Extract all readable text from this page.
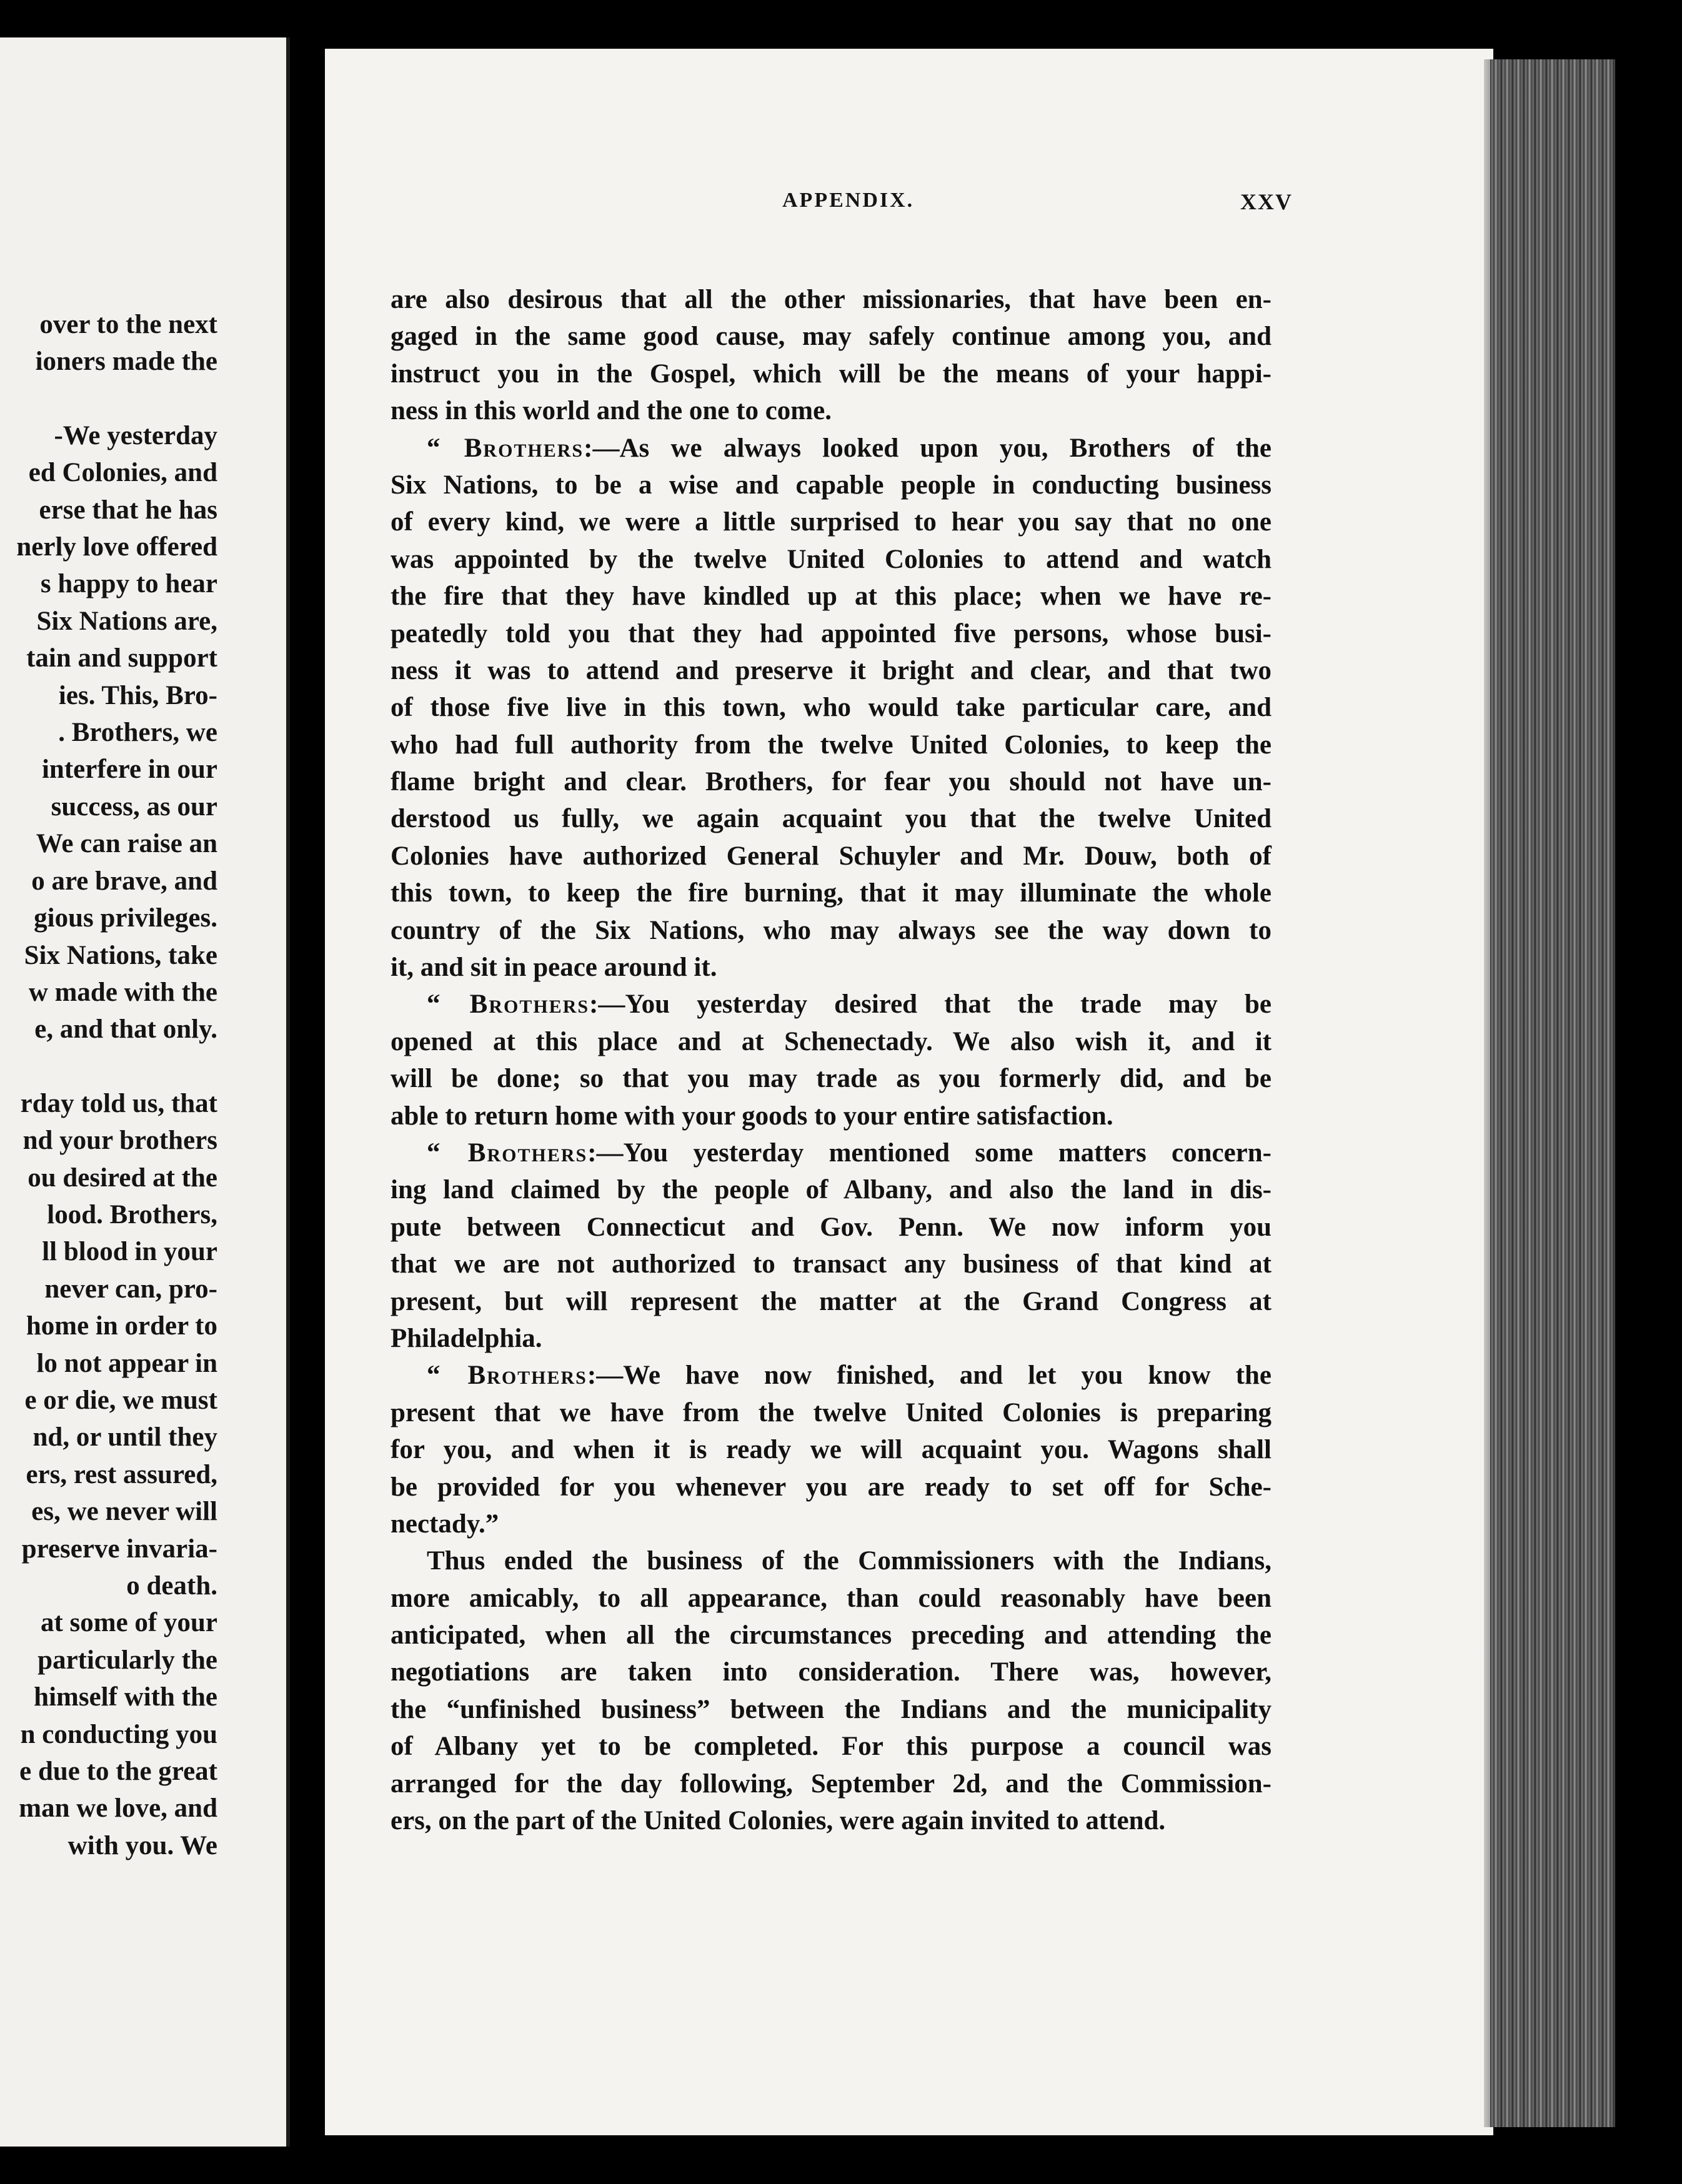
over to the next
ioners made the
-We yesterday
ed Colonies, and
erse that he has
nerly love offered
s happy to hear
Six Nations are,
tain and support
ies. This, Bro-
. Brothers, we
interfere in our
success, as our
We can raise an
o are brave, and
gious privileges.
Six Nations, take
w made with the
e, and that only.
rday told us, that
nd your brothers
ou desired at the
lood. Brothers,
ll blood in your
never can, pro-
home in order to
lo not appear in
e or die, we must
nd, or until they
ers, rest assured,
es, we never will
preserve invaria-
o death.
at some of your
particularly the
himself with the
n conducting you
e due to the great
man we love, and
with you. We
APPENDIX.	XXV
are also desirous that all the other missionaries, that have been en-
gaged in the same good cause, may safely continue among you, and
instruct you in the Gospel, which will be the means of your happi-
ness in this world and the one to come.
“ Brothers:—As we always looked upon you, Brothers of the
Six Nations, to be a wise and capable people in conducting business
of every kind, we were a little surprised to hear you say that no one
was appointed by the twelve United Colonies to attend and watch
the fire that they have kindled up at this place; when we have re-
peatedly told you that they had appointed five persons, whose busi-
ness it was to attend and preserve it bright and clear, and that two
of those five live in this town, who would take particular care, and
who had full authority from the twelve United Colonies, to keep the
flame bright and clear. Brothers, for fear you should not have un-
derstood us fully, we again acquaint you that the twelve United
Colonies have authorized General Schuyler and Mr. Douw, both of
this town, to keep the fire burning, that it may illuminate the whole
country of the Six Nations, who may always see the way down to
it, and sit in peace around it.
“ Brothers:—You yesterday desired that the trade may be
opened at this place and at Schenectady. We also wish it, and it
will be done; so that you may trade as you formerly did, and be
able to return home with your goods to your entire satisfaction.
“ Brothers:—You yesterday mentioned some matters concern-
ing land claimed by the people of Albany, and also the land in dis-
pute between Connecticut and Gov. Penn. We now inform you
that we are not authorized to transact any business of that kind at
present, but will represent the matter at the Grand Congress at
Philadelphia.
“ Brothers:—We have now finished, and let you know the
present that we have from the twelve United Colonies is preparing
for you, and when it is ready we will acquaint you. Wagons shall
be provided for you whenever you are ready to set off for Sche-
nectady.”
Thus ended the business of the Commissioners with the Indians,
more amicably, to all appearance, than could reasonably have been
anticipated, when all the circumstances preceding and attending the
negotiations are taken into consideration. There was, however,
the “unfinished business” between the Indians and the municipality
of Albany yet to be completed. For this purpose a council was
arranged for the day following, September 2d, and the Commission-
ers, on the part of the United Colonies, were again invited to attend.
